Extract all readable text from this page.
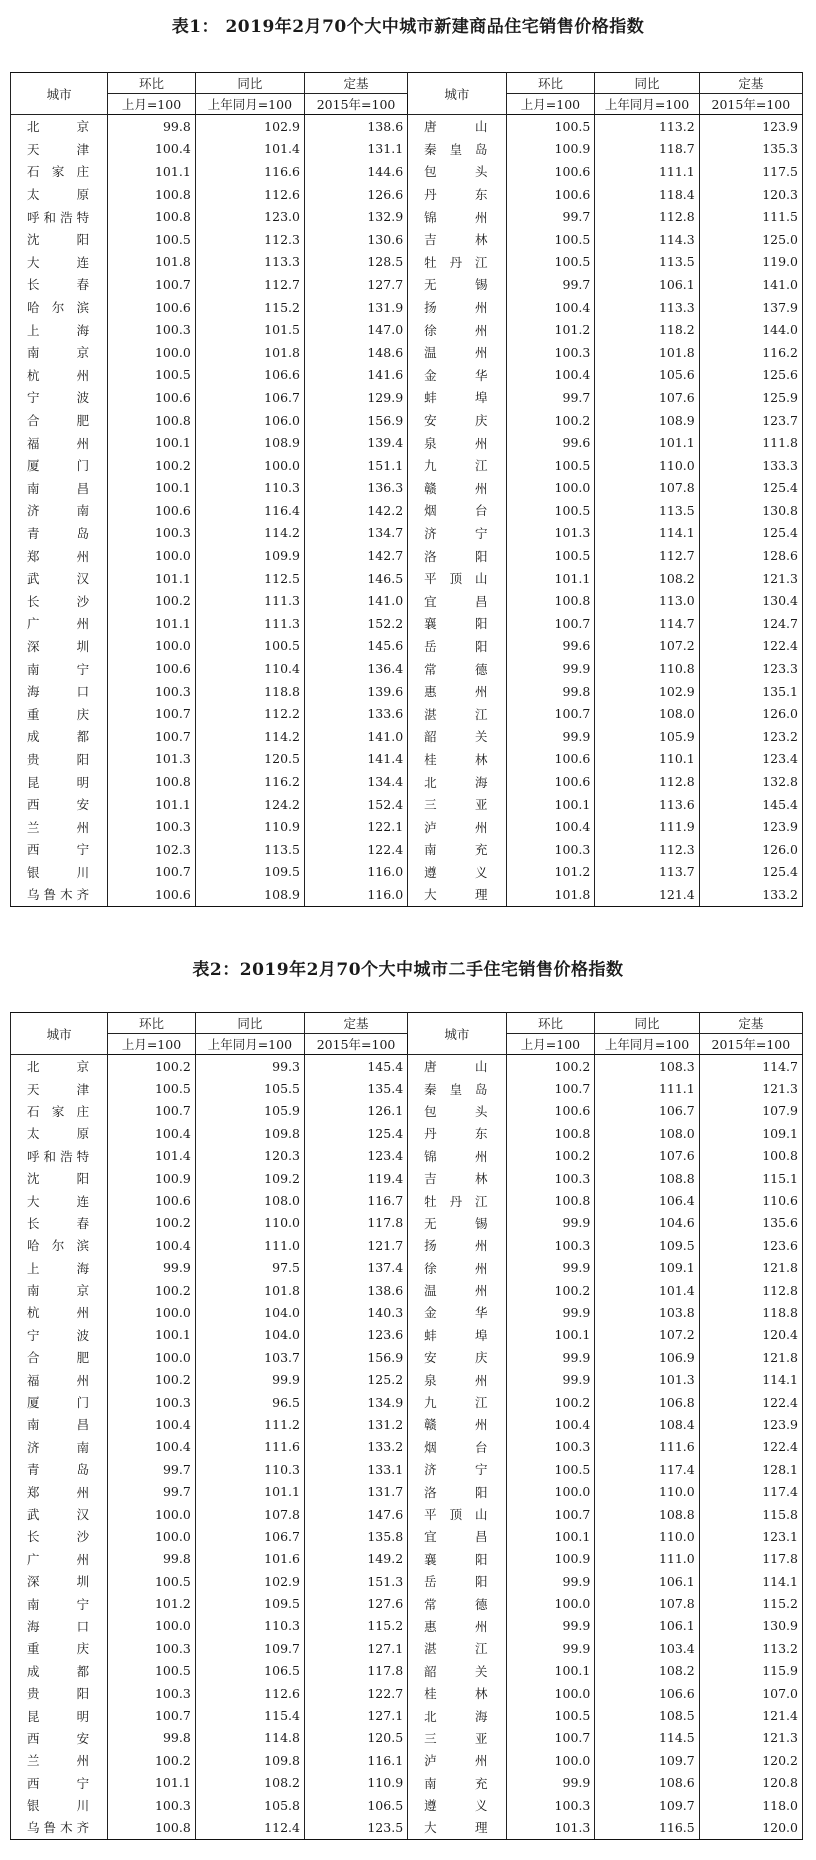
表1： 2019年2月70个大中城市新建商品住宅销售价格指数
城市	环比	同比	定基	城市	环比	同比	定基
	上月=100	上年同月=100	2015年=100		上月=100	上年同月=100	2015年=100
北 京	99.8	102.9	138.6	唐 山	100.5	113.2	123.9
天 津	100.4	101.4	131.1	秦皇岛	100.9	118.7	135.3
石家庄	101.1	116.6	144.6	包 头	100.6	111.1	117.5
太 原	100.8	112.6	126.6	丹 东	100.6	118.4	120.3
呼和浩特	100.8	123.0	132.9	锦 州	99.7	112.8	111.5
沈 阳	100.5	112.3	130.6	吉 林	100.5	114.3	125.0
大 连	101.8	113.3	128.5	牡丹江	100.5	113.5	119.0
长 春	100.7	112.7	127.7	无 锡	99.7	106.1	141.0
哈尔滨	100.6	115.2	131.9	扬 州	100.4	113.3	137.9
上 海	100.3	101.5	147.0	徐 州	101.2	118.2	144.0
南 京	100.0	101.8	148.6	温 州	100.3	101.8	116.2
杭 州	100.5	106.6	141.6	金 华	100.4	105.6	125.6
宁 波	100.6	106.7	129.9	蚌 埠	99.7	107.6	125.9
合 肥	100.8	106.0	156.9	安 庆	100.2	108.9	123.7
福 州	100.1	108.9	139.4	泉 州	99.6	101.1	111.8
厦 门	100.2	100.0	151.1	九 江	100.5	110.0	133.3
南 昌	100.1	110.3	136.3	赣 州	100.0	107.8	125.4
济 南	100.6	116.4	142.2	烟 台	100.5	113.5	130.8
青 岛	100.3	114.2	134.7	济 宁	101.3	114.1	125.4
郑 州	100.0	109.9	142.7	洛 阳	100.5	112.7	128.6
武 汉	101.1	112.5	146.5	平顶山	101.1	108.2	121.3
长 沙	100.2	111.3	141.0	宜 昌	100.8	113.0	130.4
广 州	101.1	111.3	152.2	襄 阳	100.7	114.7	124.7
深 圳	100.0	100.5	145.6	岳 阳	99.6	107.2	122.4
南 宁	100.6	110.4	136.4	常 德	99.9	110.8	123.3
海 口	100.3	118.8	139.6	惠 州	99.8	102.9	135.1
重 庆	100.7	112.2	133.6	湛 江	100.7	108.0	126.0
成 都	100.7	114.2	141.0	韶 关	99.9	105.9	123.2
贵 阳	101.3	120.5	141.4	桂 林	100.6	110.1	123.4
昆 明	100.8	116.2	134.4	北 海	100.6	112.8	132.8
西 安	101.1	124.2	152.4	三 亚	100.1	113.6	145.4
兰 州	100.3	110.9	122.1	泸 州	100.4	111.9	123.9
西 宁	102.3	113.5	122.4	南 充	100.3	112.3	126.0
银 川	100.7	109.5	116.0	遵 义	101.2	113.7	125.4
乌鲁木齐	100.6	108.9	116.0	大 理	101.8	121.4	133.2
表2：2019年2月70个大中城市二手住宅销售价格指数
城市	环比	同比	定基	城市	环比	同比	定基
	上月=100	上年同月=100	2015年=100		上月=100	上年同月=100	2015年=100
北 京	100.2	99.3	145.4	唐 山	100.2	108.3	114.7
天 津	100.5	105.5	135.4	秦皇岛	100.7	111.1	121.3
石家庄	100.7	105.9	126.1	包 头	100.6	106.7	107.9
太 原	100.4	109.8	125.4	丹 东	100.8	108.0	109.1
呼和浩特	101.4	120.3	123.4	锦 州	100.2	107.6	100.8
沈 阳	100.9	109.2	119.4	吉 林	100.3	108.8	115.1
大 连	100.6	108.0	116.7	牡丹江	100.8	106.4	110.6
长 春	100.2	110.0	117.8	无 锡	99.9	104.6	135.6
哈尔滨	100.4	111.0	121.7	扬 州	100.3	109.5	123.6
上 海	99.9	97.5	137.4	徐 州	99.9	109.1	121.8
南 京	100.2	101.8	138.6	温 州	100.2	101.4	112.8
杭 州	100.0	104.0	140.3	金 华	99.9	103.8	118.8
宁 波	100.1	104.0	123.6	蚌 埠	100.1	107.2	120.4
合 肥	100.0	103.7	156.9	安 庆	99.9	106.9	121.8
福 州	100.2	99.9	125.2	泉 州	99.9	101.3	114.1
厦 门	100.3	96.5	134.9	九 江	100.2	106.8	122.4
南 昌	100.4	111.2	131.2	赣 州	100.4	108.4	123.9
济 南	100.4	111.6	133.2	烟 台	100.3	111.6	122.4
青 岛	99.7	110.3	133.1	济 宁	100.5	117.4	128.1
郑 州	99.7	101.1	131.7	洛 阳	100.0	110.0	117.4
武 汉	100.0	107.8	147.6	平顶山	100.7	108.8	115.8
长 沙	100.0	106.7	135.8	宜 昌	100.1	110.0	123.1
广 州	99.8	101.6	149.2	襄 阳	100.9	111.0	117.8
深 圳	100.5	102.9	151.3	岳 阳	99.9	106.1	114.1
南 宁	101.2	109.5	127.6	常 德	100.0	107.8	115.2
海 口	100.0	110.3	115.2	惠 州	99.9	106.1	130.9
重 庆	100.3	109.7	127.1	湛 江	99.9	103.4	113.2
成 都	100.5	106.5	117.8	韶 关	100.1	108.2	115.9
贵 阳	100.3	112.6	122.7	桂 林	100.0	106.6	107.0
昆 明	100.7	115.4	127.1	北 海	100.5	108.5	121.4
西 安	99.8	114.8	120.5	三 亚	100.7	114.5	121.3
兰 州	100.2	109.8	116.1	泸 州	100.0	109.7	120.2
西 宁	101.1	108.2	110.9	南 充	99.9	108.6	120.8
银 川	100.3	105.8	106.5	遵 义	100.3	109.7	118.0
乌鲁木齐	100.8	112.4	123.5	大 理	101.3	116.5	120.0
